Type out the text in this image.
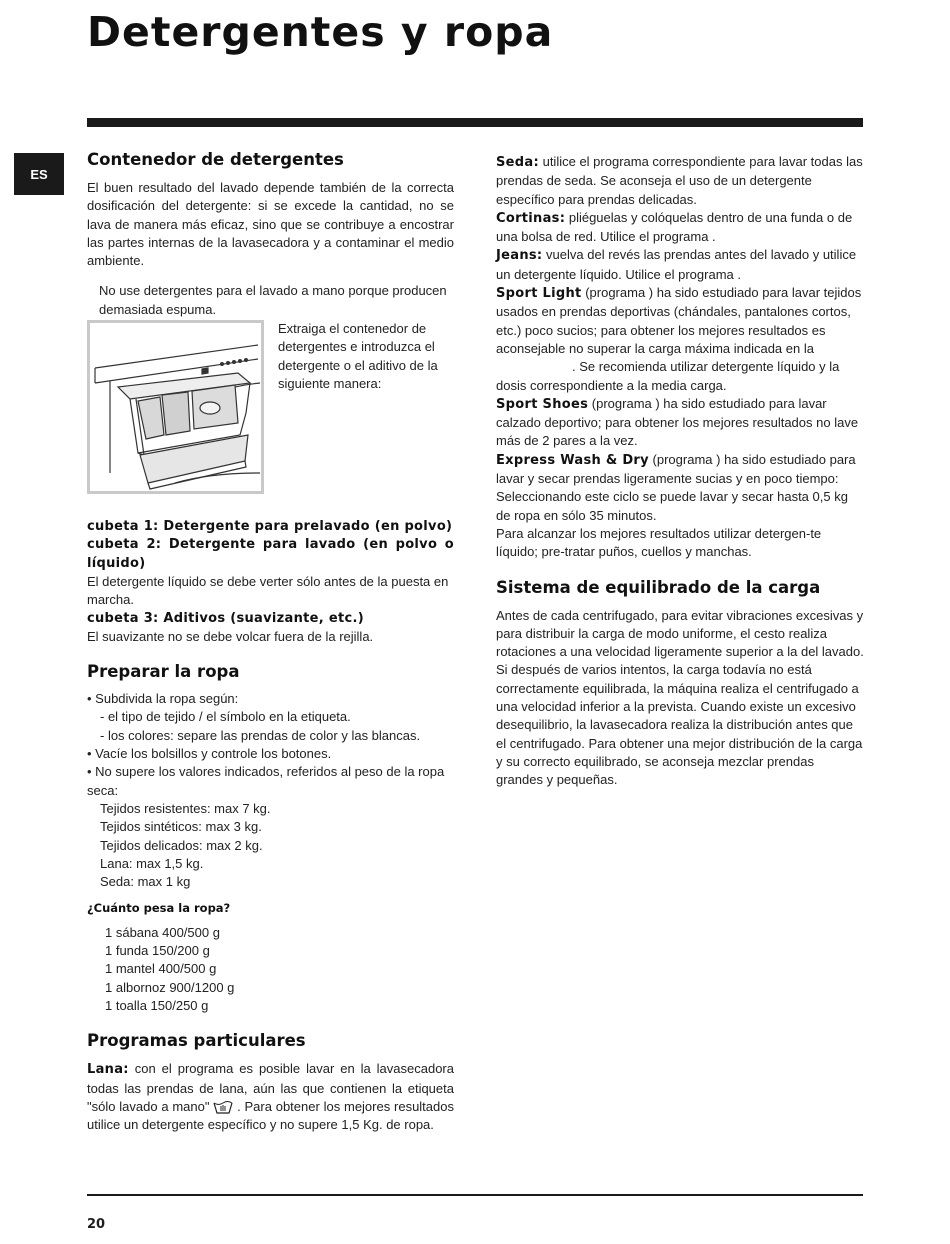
Detergentes y ropa
ES
Contenedor de detergentes

El buen resultado del lavado depende también de la correcta dosificación del detergente: si se excede la cantidad, no se lava de manera más eficaz, sino que se contribuye a encostrar las partes internas de la lavasecadora y a contaminar el medio ambiente.

No use detergentes para el lavado a mano porque producen demasiada espuma.

Extraiga el contenedor de detergentes e introduzca el detergente o el aditivo de la siguiente manera:

cubeta 1: Detergente para prelavado (en polvo)

cubeta 2: Detergente para lavado (en polvo o líquido)

El detergente líquido se debe verter sólo antes de la puesta en marcha.

cubeta 3: Aditivos (suavizante, etc.)

El suavizante no se debe volcar fuera de la rejilla.

Preparar la ropa

• Subdivida la ropa según:

- el tipo de tejido / el símbolo en la etiqueta.

- los colores: separe las prendas de color y las blancas.

• Vacíe los bolsillos y controle los botones.

• No supere los valores indicados, referidos al peso de la ropa seca:

Tejidos resistentes: max 7 kg.

Tejidos sintéticos: max 3 kg.

Tejidos delicados: max 2 kg.

Lana: max 1,5 kg.

Seda: max 1 kg

¿Cuánto pesa la ropa?

1 sábana 400/500 g

1 funda 150/200 g

1 mantel 400/500 g

1 albornoz 900/1200 g

1 toalla 150/250 g

Programas particulares

Lana: con el programa es posible lavar en la lavasecadora todas las prendas de lana, aún las que contienen la etiqueta "sólo lavado a mano" . Para obtener los mejores resultados utilice un detergente específico y no supere 1,5 Kg. de ropa.

Seda: utilice el programa correspondiente para lavar todas las prendas de seda. Se aconseja el uso de un detergente específico para prendas delicadas.

Cortinas: pliéguelas y colóquelas dentro de una funda o de una bolsa de red. Utilice el programa .

Jeans: vuelva del revés las prendas antes del lavado y utilice un detergente líquido. Utilice el programa .

Sport Light (programa ) ha sido estudiado para lavar tejidos usados en prendas deportivas (chándales, pantalones cortos, etc.) poco sucios; para obtener los mejores resultados es aconsejable no superar la carga máxima indicada en la
. Se recomienda utilizar detergente líquido y la dosis correspondiente a la media carga.

Sport Shoes (programa ) ha sido estudiado para lavar calzado deportivo; para obtener los mejores resultados no lave más de 2 pares a la vez.

Express Wash & Dry (programa ) ha sido estudiado para lavar y secar prendas ligeramente sucias y en poco tiempo: Seleccionando este ciclo se puede lavar y secar hasta 0,5 kg de ropa en sólo 35 minutos.

Para alcanzar los mejores resultados utilizar detergen-te líquido; pre-tratar puños, cuellos y manchas.

Sistema de equilibrado de la carga

Antes de cada centrifugado, para evitar vibraciones excesivas y para distribuir la carga de modo uniforme, el cesto realiza rotaciones a una velocidad ligeramente superior a la del lavado. Si después de varios intentos, la carga todavía no está correctamente equilibrada, la máquina realiza el centrifugado a una velocidad inferior a la prevista. Cuando existe un excesivo desequilibrio, la lavasecadora realiza la distribución antes que el centrifugado. Para obtener una mejor distribución de la carga y su correcto equilibrado, se aconseja mezclar prendas grandes y pequeñas.

20
